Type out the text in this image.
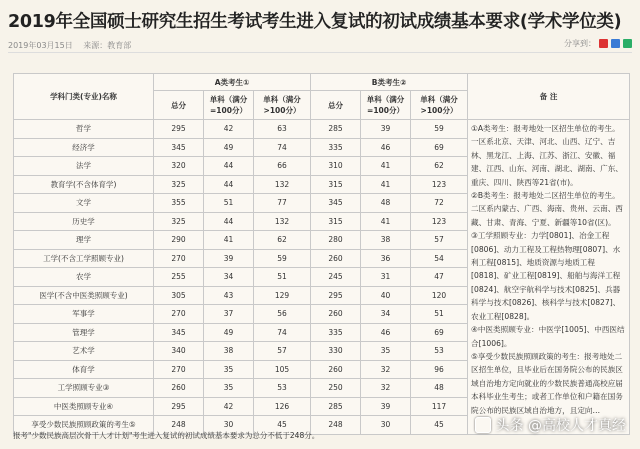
2019年全国硕士研究生招生考试考生进入复试的初试成绩基本要求(学术学位类)
2019年03月15日 来源：教育部	分享到：
学科门类(专业)名称	A类考生①			B类考生②			备 注
	总分	单科（满分=100分）	单科（满分>100分）	总分	单科（满分=100分）	单科（满分>100分）	
哲学	295	42	63	285	39	59	①A类考生：报考地处一区招生单位的考生。一区系北京、天津、河北、山西、辽宁、吉林、黑龙江、上海、江苏、浙江、安徽、福建、江西、山东、河南、湖北、湖南、广东、重庆、四川、陕西等21省(市)。

②B类考生：报考地处二区招生单位的考生。二区系内蒙古、广西、海南、贵州、云南、西藏、甘肃、青海、宁夏、新疆等10省(区)。

③工学照顾专业：力学[0801]、冶金工程[0806]、动力工程及工程热物理[0807]、水利工程[0815]、地质资源与地质工程[0818]、矿业工程[0819]、船舶与海洋工程[0824]、航空宇航科学与技术[0825]、兵器科学与技术[0826]、核科学与技术[0827]、农业工程[0828]。

④中医类照顾专业：中医学[1005]、中西医结合[1006]。

⑤享受少数民族照顾政策的考生：报考地处二区招生单位，且毕业后在国务院公布的民族区域自治地方定向就业的少数民族普通高校应届本科毕业生考生；或者工作单位和户籍在国务院公布的民族区域自治地方，且定向…

经济学	345	49	74	335	46	69	
法学	320	44	66	310	41	62	
教育学(不含体育学)	325	44	132	315	41	123	
文学	355	51	77	345	48	72	
历史学	325	44	132	315	41	123	
理学	290	41	62	280	38	57	
工学(不含工学照顾专业)	270	39	59	260	36	54	
农学	255	34	51	245	31	47	
医学(不含中医类照顾专业)	305	43	129	295	40	120	
军事学	270	37	56	260	34	51	
管理学	345	49	74	335	46	69	
艺术学	340	38	57	330	35	53	
体育学	270	35	105	260	32	96	
工学照顾专业③	260	35	53	250	32	48	
中医类照顾专业④	295	42	126	285	39	117	
享受少数民族照顾政策的考生⑤	248	30	45	248	30	45	
报考"少数民族高层次骨干人才计划"考生进入复试的初试成绩基本要求为总分不低于248分。
头条 @高校人才真经
